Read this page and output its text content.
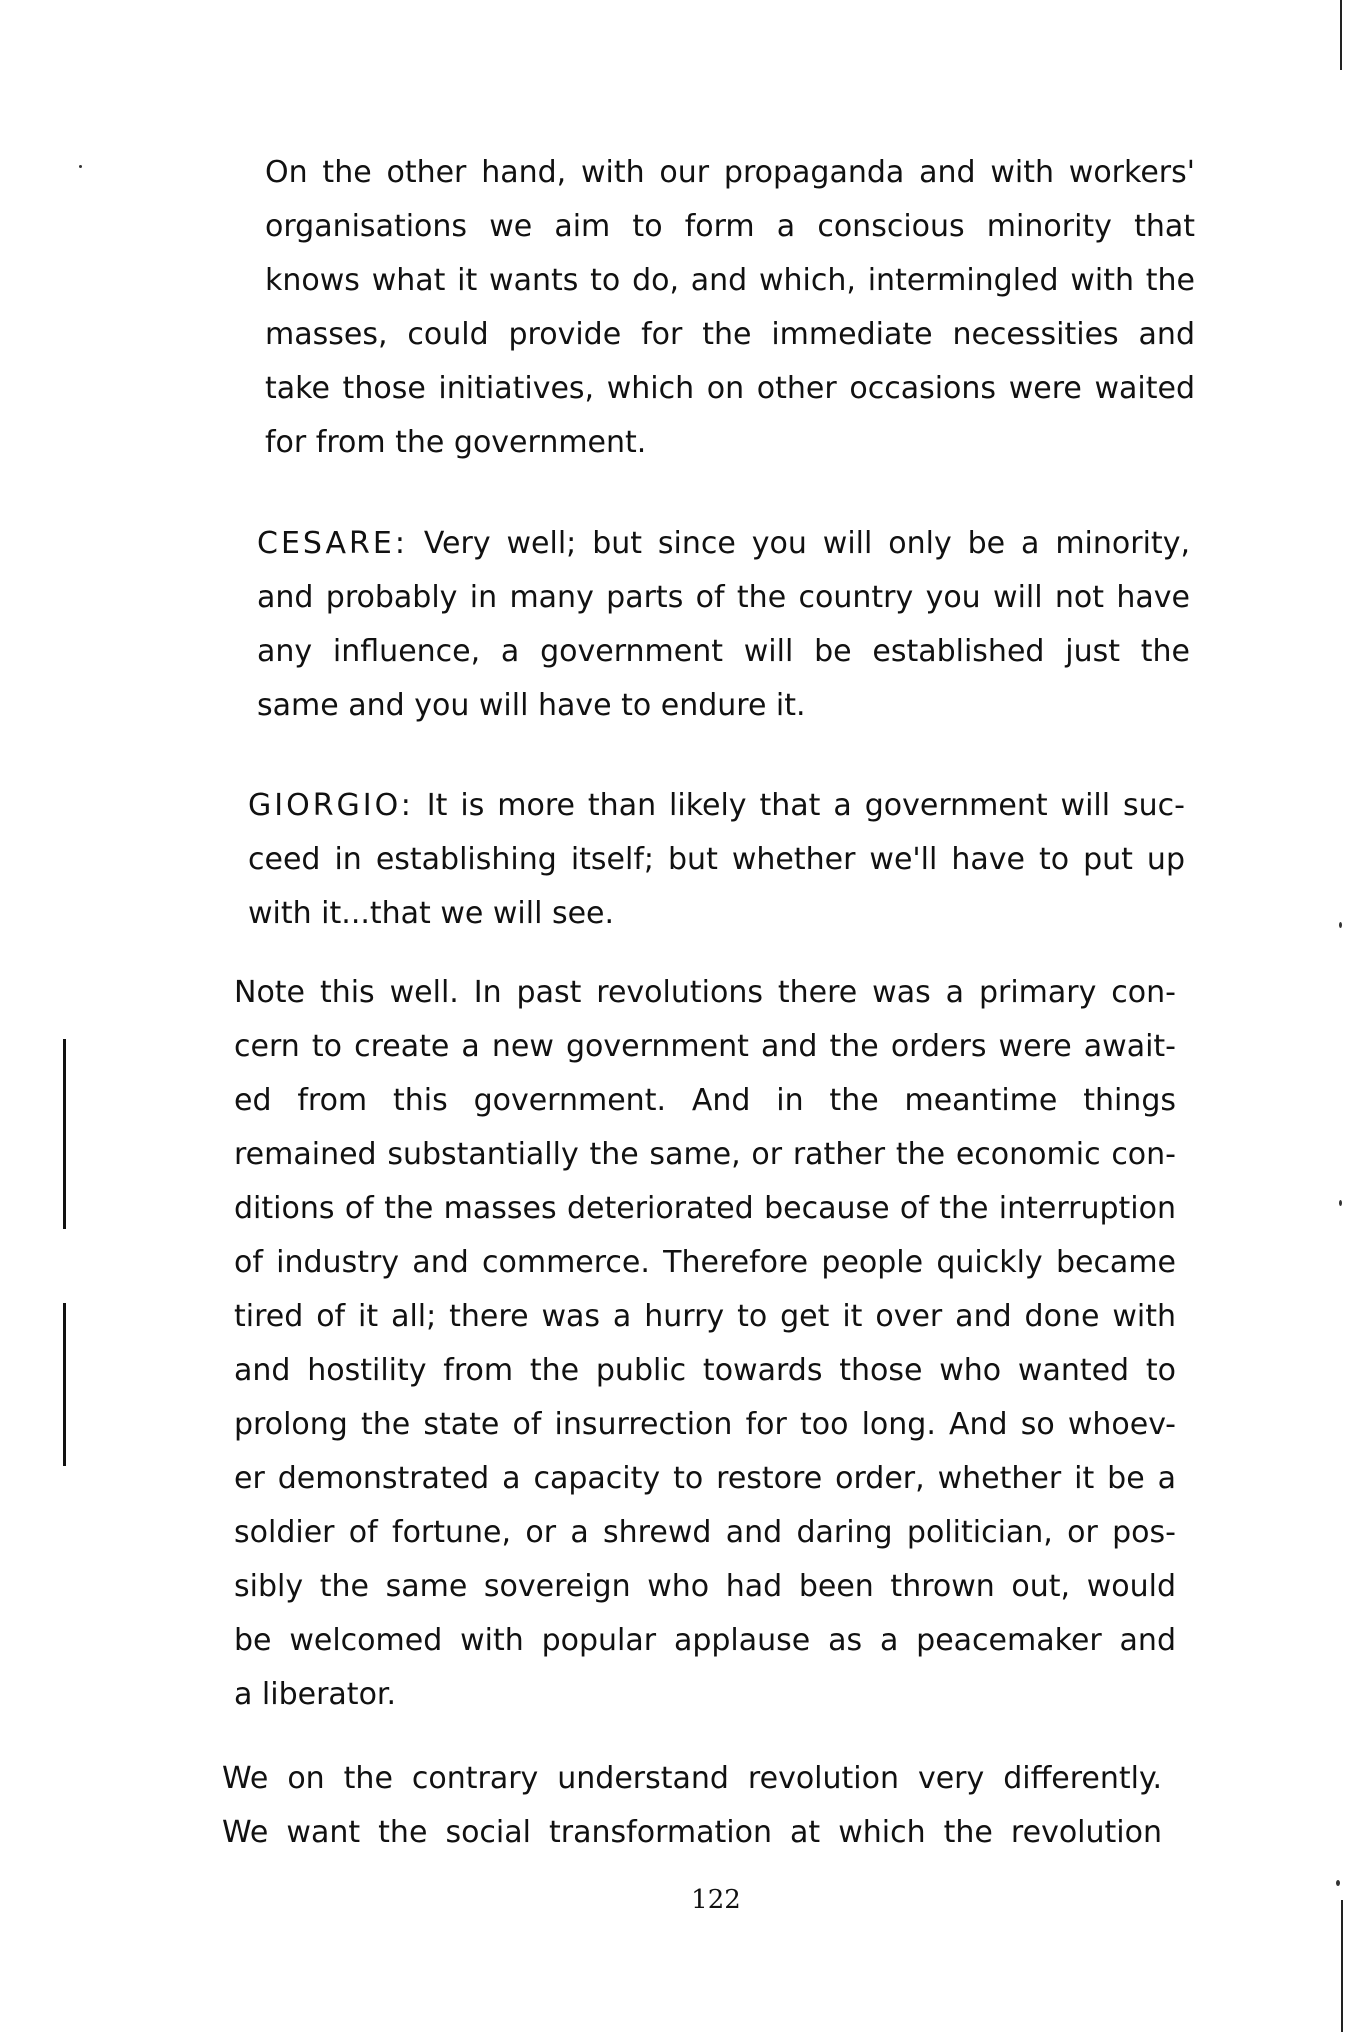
On the other hand, with our propaganda and with workers'
organisations we aim to form a conscious minority that
knows what it wants to do, and which, intermingled with the
masses, could provide for the immediate necessities and
take those initiatives, which on other occasions were waited
for from the government.
CESARE: Very well; but since you will only be a minority,
and probably in many parts of the country you will not have
any influence, a government will be established just the
same and you will have to endure it.
GIORGIO: It is more than likely that a government will suc-
ceed in establishing itself; but whether we'll have to put up
with it...that we will see.
Note this well. In past revolutions there was a primary con-
cern to create a new government and the orders were await-
ed from this government. And in the meantime things
remained substantially the same, or rather the economic con-
ditions of the masses deteriorated because of the interruption
of industry and commerce. Therefore people quickly became
tired of it all; there was a hurry to get it over and done with
and hostility from the public towards those who wanted to
prolong the state of insurrection for too long. And so whoev-
er demonstrated a capacity to restore order, whether it be a
soldier of fortune, or a shrewd and daring politician, or pos-
sibly the same sovereign who had been thrown out, would
be welcomed with popular applause as a peacemaker and
a liberator.
We on the contrary understand revolution very differently.
We want the social transformation at which the revolution
122
